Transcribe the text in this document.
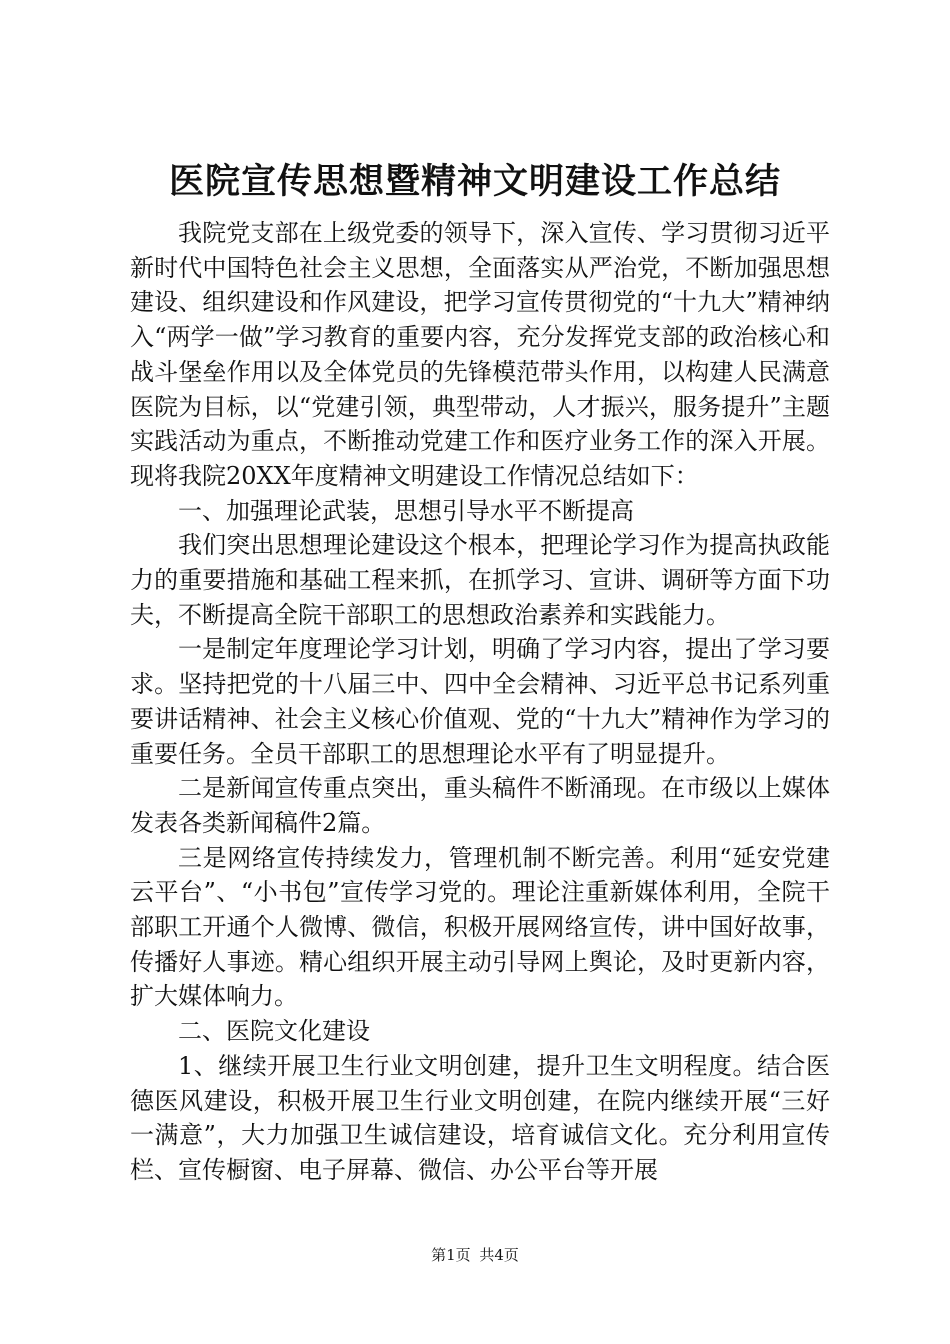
医院宣传思想暨精神文明建设工作总结

我院党支部在上级党委的领导下，深入宣传、学习贯彻习近平新时代中国特色社会主义思想，全面落实从严治党，不断加强思想建设、组织建设和作风建设，把学习宣传贯彻党的“十九大”精神纳入“两学一做”学习教育的重要内容，充分发挥党支部的政治核心和战斗堡垒作用以及全体党员的先锋模范带头作用，以构建人民满意医院为目标，以“党建引领，典型带动，人才振兴，服务提升”主题实践活动为重点，不断推动党建工作和医疗业务工作的深入开展。现将我院20XX年度精神文明建设工作情况总结如下：

一、加强理论武装，思想引导水平不断提高

我们突出思想理论建设这个根本，把理论学习作为提高执政能力的重要措施和基础工程来抓，在抓学习、宣讲、调研等方面下功夫，不断提高全院干部职工的思想政治素养和实践能力。

一是制定年度理论学习计划，明确了学习内容，提出了学习要求。坚持把党的十八届三中、四中全会精神、习近平总书记系列重要讲话精神、社会主义核心价值观、党的“十九大”精神作为学习的重要任务。全员干部职工的思想理论水平有了明显提升。

二是新闻宣传重点突出，重头稿件不断涌现。在市级以上媒体发表各类新闻稿件2篇。

三是网络宣传持续发力，管理机制不断完善。利用“延安党建云平台”、“小书包”宣传学习党的。理论注重新媒体利用，全院干部职工开通个人微博、微信，积极开展网络宣传，讲中国好故事，传播好人事迹。精心组织开展主动引导网上舆论，及时更新内容，扩大媒体响力。

二、医院文化建设

1、继续开展卫生行业文明创建，提升卫生文明程度。结合医德医风建设，积极开展卫生行业文明创建，在院内继续开展“三好一满意”，大力加强卫生诚信建设，培育诚信文化。充分利用宣传栏、宣传橱窗、电子屏幕、微信、办公平台等开展

第1页 共4页
